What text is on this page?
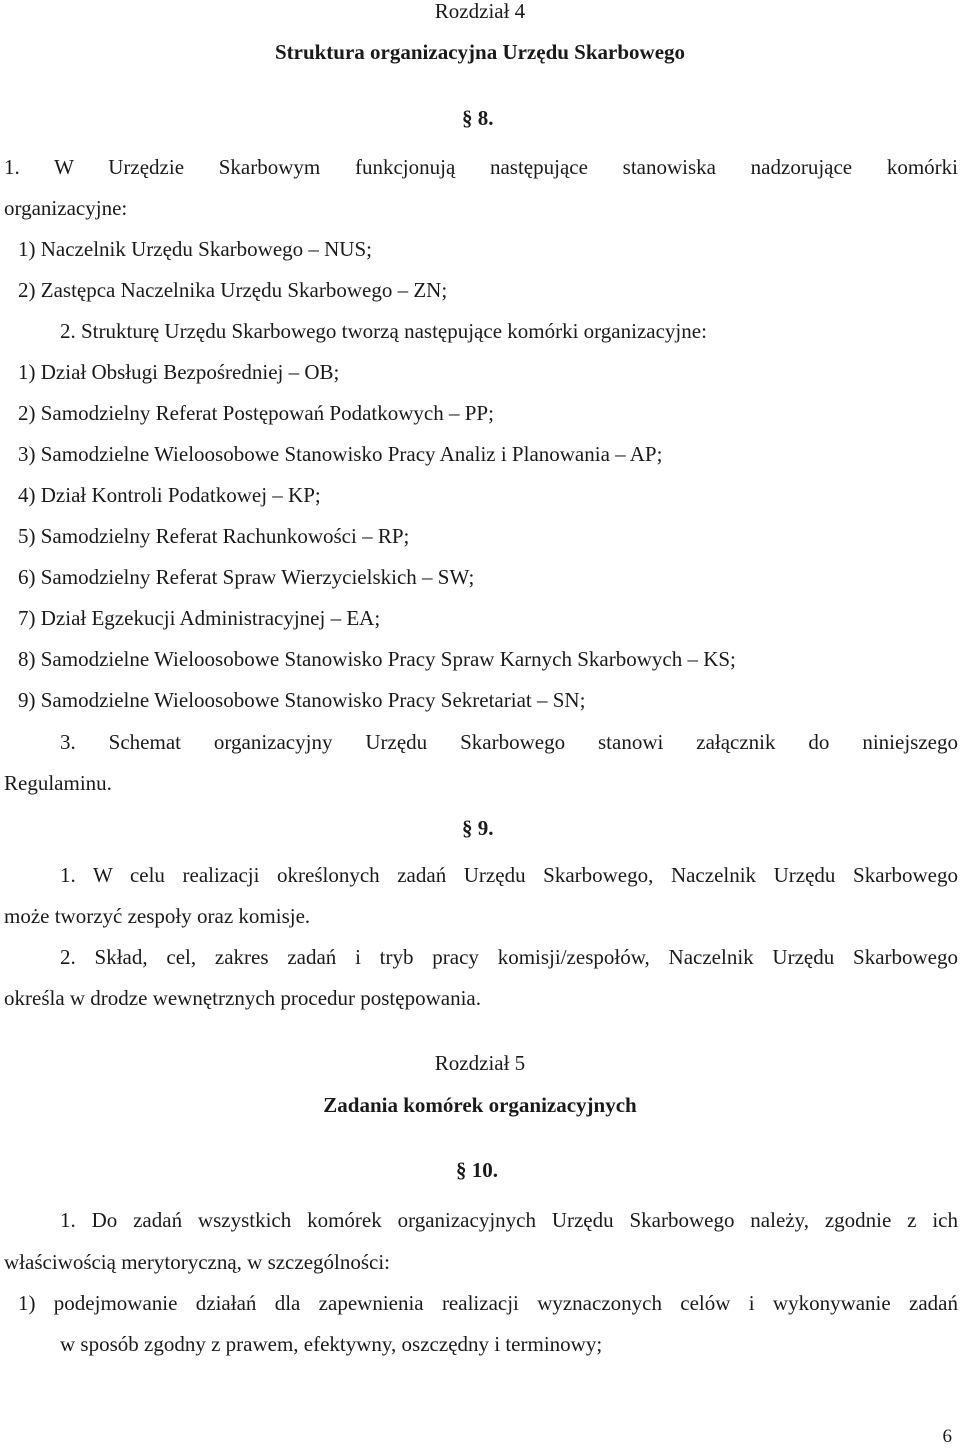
Rozdział 4
Struktura organizacyjna Urzędu Skarbowego
§ 8.
1. W Urzędzie Skarbowym funkcjonują następujące stanowiska nadzorujące komórki
organizacyjne:
1) Naczelnik Urzędu Skarbowego – NUS;
2) Zastępca Naczelnika Urzędu Skarbowego – ZN;
2. Strukturę Urzędu Skarbowego tworzą następujące komórki organizacyjne:
1) Dział Obsługi Bezpośredniej – OB;
2) Samodzielny Referat Postępowań Podatkowych – PP;
3) Samodzielne Wieloosobowe Stanowisko Pracy Analiz i Planowania – AP;
4) Dział Kontroli Podatkowej – KP;
5) Samodzielny Referat Rachunkowości – RP;
6) Samodzielny Referat Spraw Wierzycielskich – SW;
7) Dział Egzekucji Administracyjnej – EA;
8) Samodzielne Wieloosobowe Stanowisko Pracy Spraw Karnych Skarbowych – KS;
9) Samodzielne Wieloosobowe Stanowisko Pracy Sekretariat – SN;
3. Schemat organizacyjny Urzędu Skarbowego stanowi załącznik do niniejszego
Regulaminu.
§ 9.
1. W celu realizacji określonych zadań Urzędu Skarbowego, Naczelnik Urzędu Skarbowego
może tworzyć zespoły oraz komisje.
2. Skład, cel, zakres zadań i tryb pracy komisji/zespołów, Naczelnik Urzędu Skarbowego
określa w drodze wewnętrznych procedur postępowania.
Rozdział 5
Zadania komórek organizacyjnych
§ 10.
1. Do zadań wszystkich komórek organizacyjnych Urzędu Skarbowego należy, zgodnie z ich
właściwością merytoryczną, w szczególności:
1) podejmowanie działań dla zapewnienia realizacji wyznaczonych celów i wykonywanie zadań
w sposób zgodny z prawem, efektywny, oszczędny i terminowy;
6
